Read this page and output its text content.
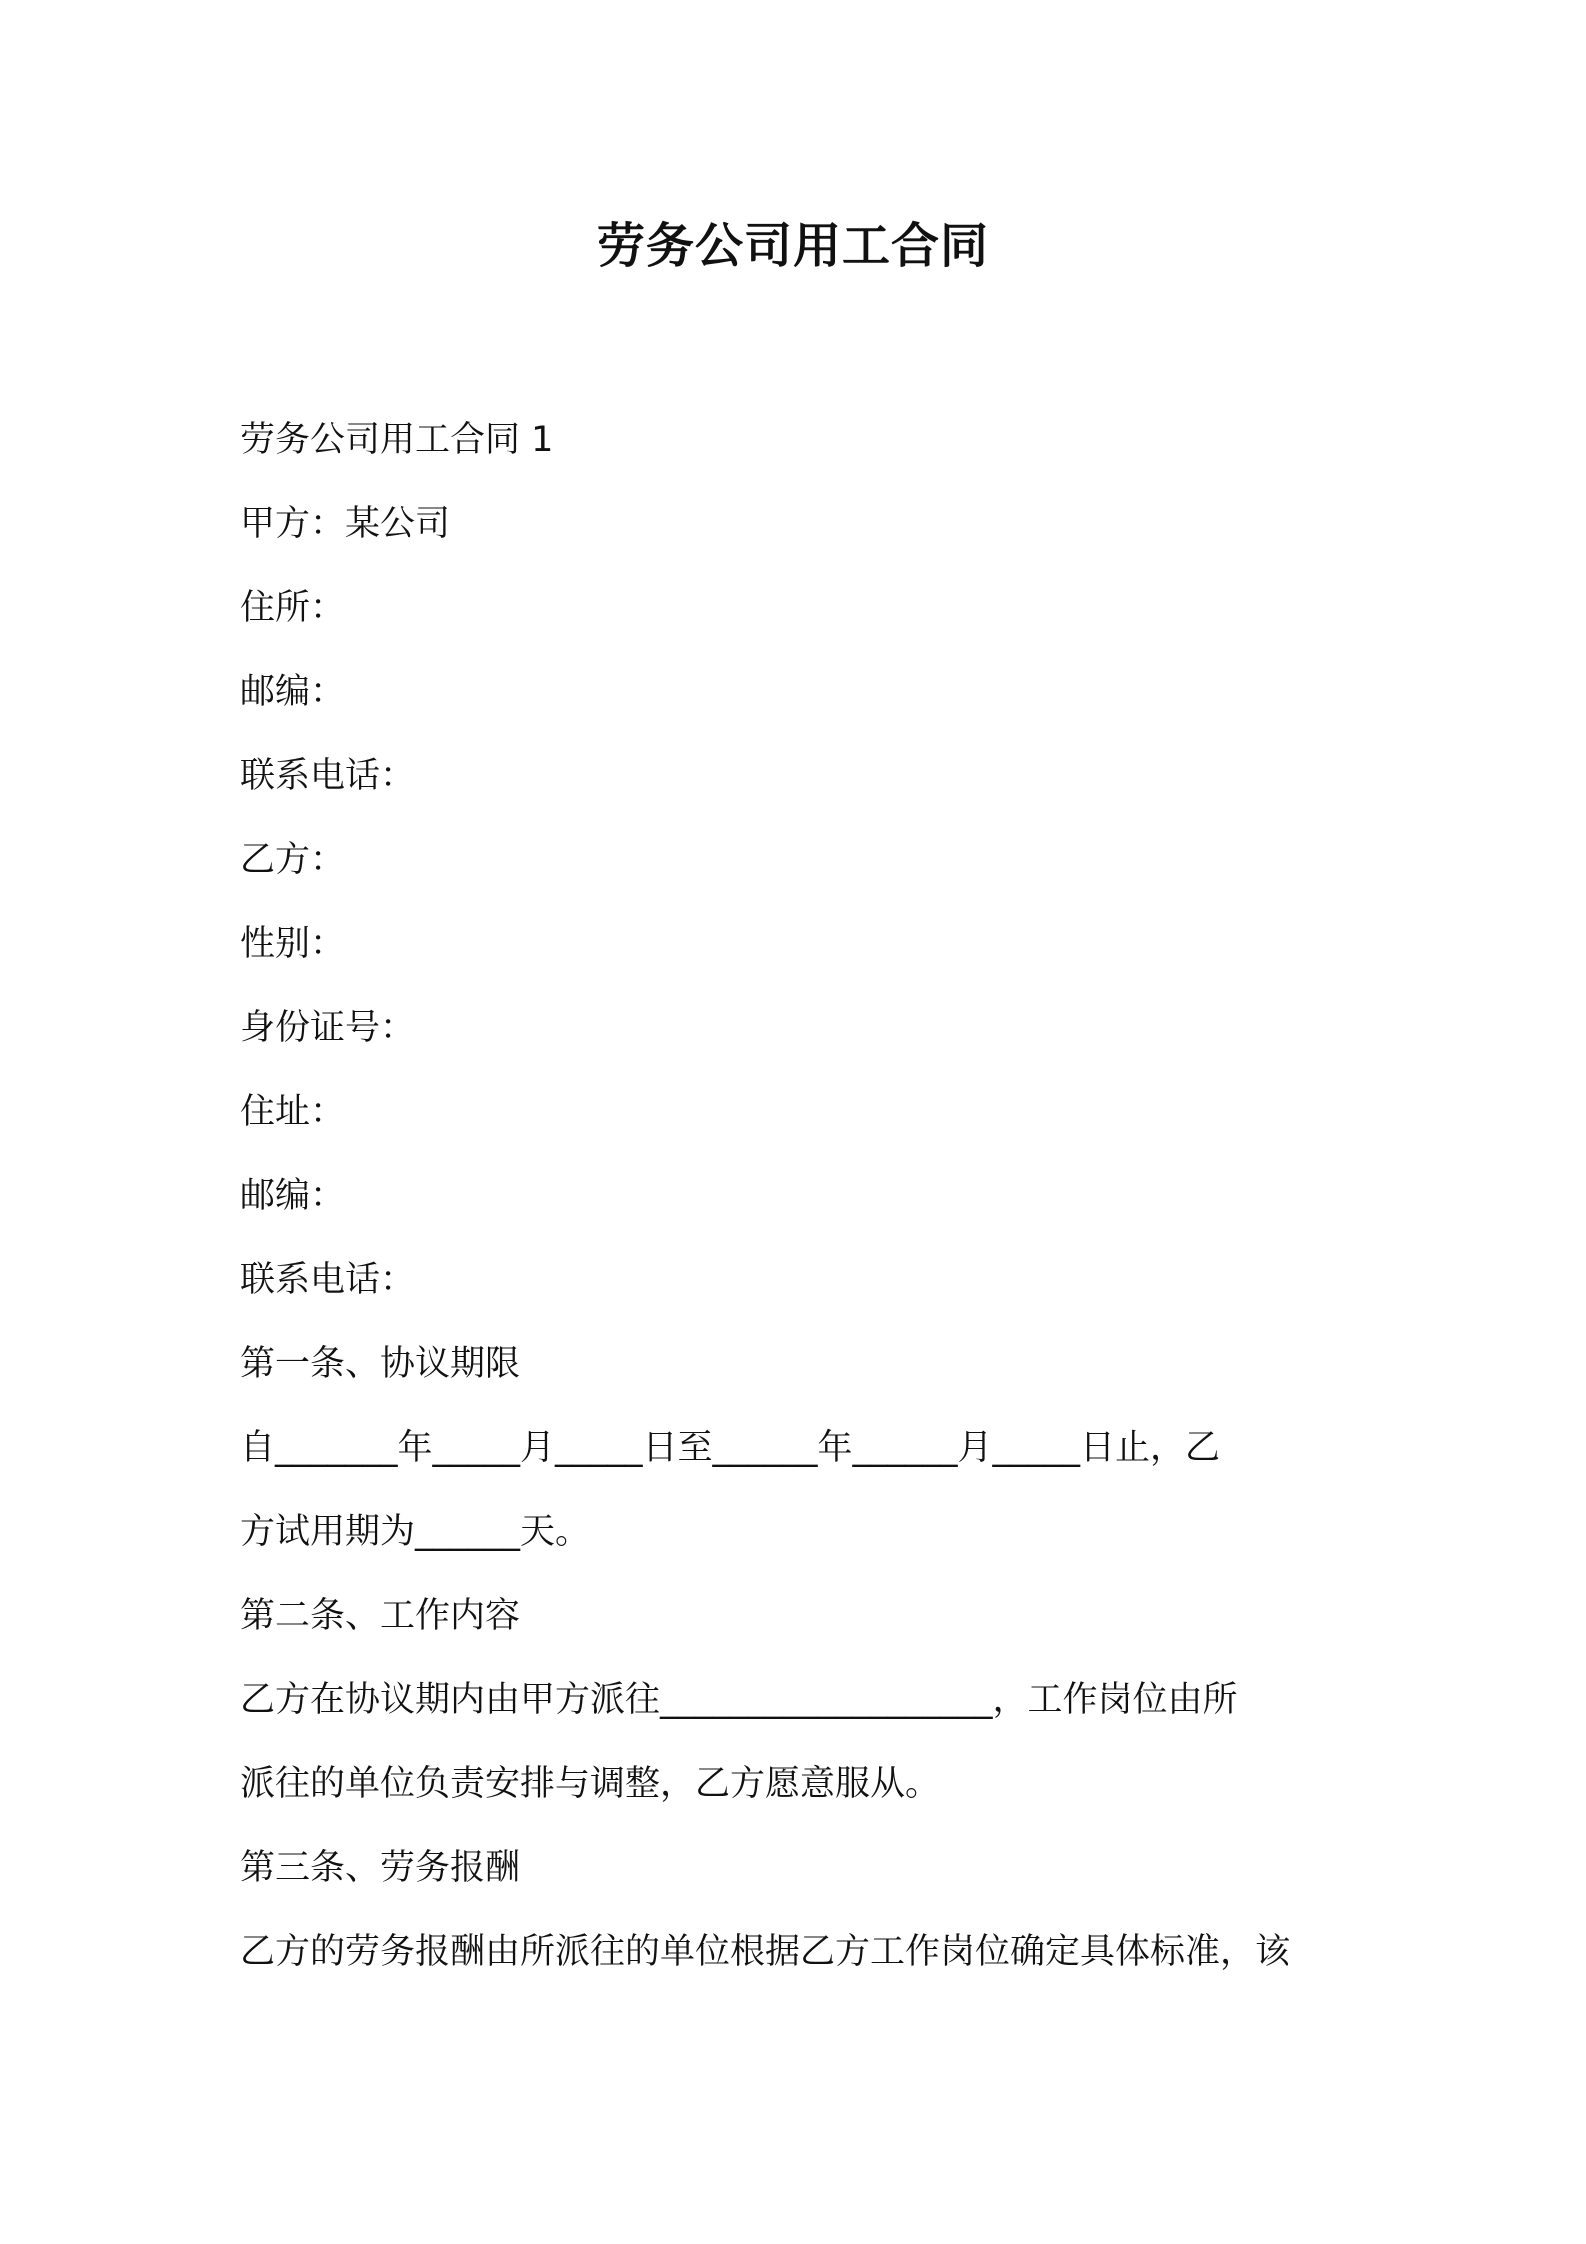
劳务公司用工合同

劳务公司用工合同 1

甲方：某公司

住所：

邮编：

联系电话：

乙方：

性别：

身份证号：

住址：

邮编：

联系电话：

第一条、协议期限

自_______年_____月_____日至______年______月_____日止，乙

方试用期为______天。

第二条、工作内容

乙方在协议期内由甲方派往___________________，工作岗位由所

派往的单位负责安排与调整，乙方愿意服从。

第三条、劳务报酬

乙方的劳务报酬由所派往的单位根据乙方工作岗位确定具体标准，该
